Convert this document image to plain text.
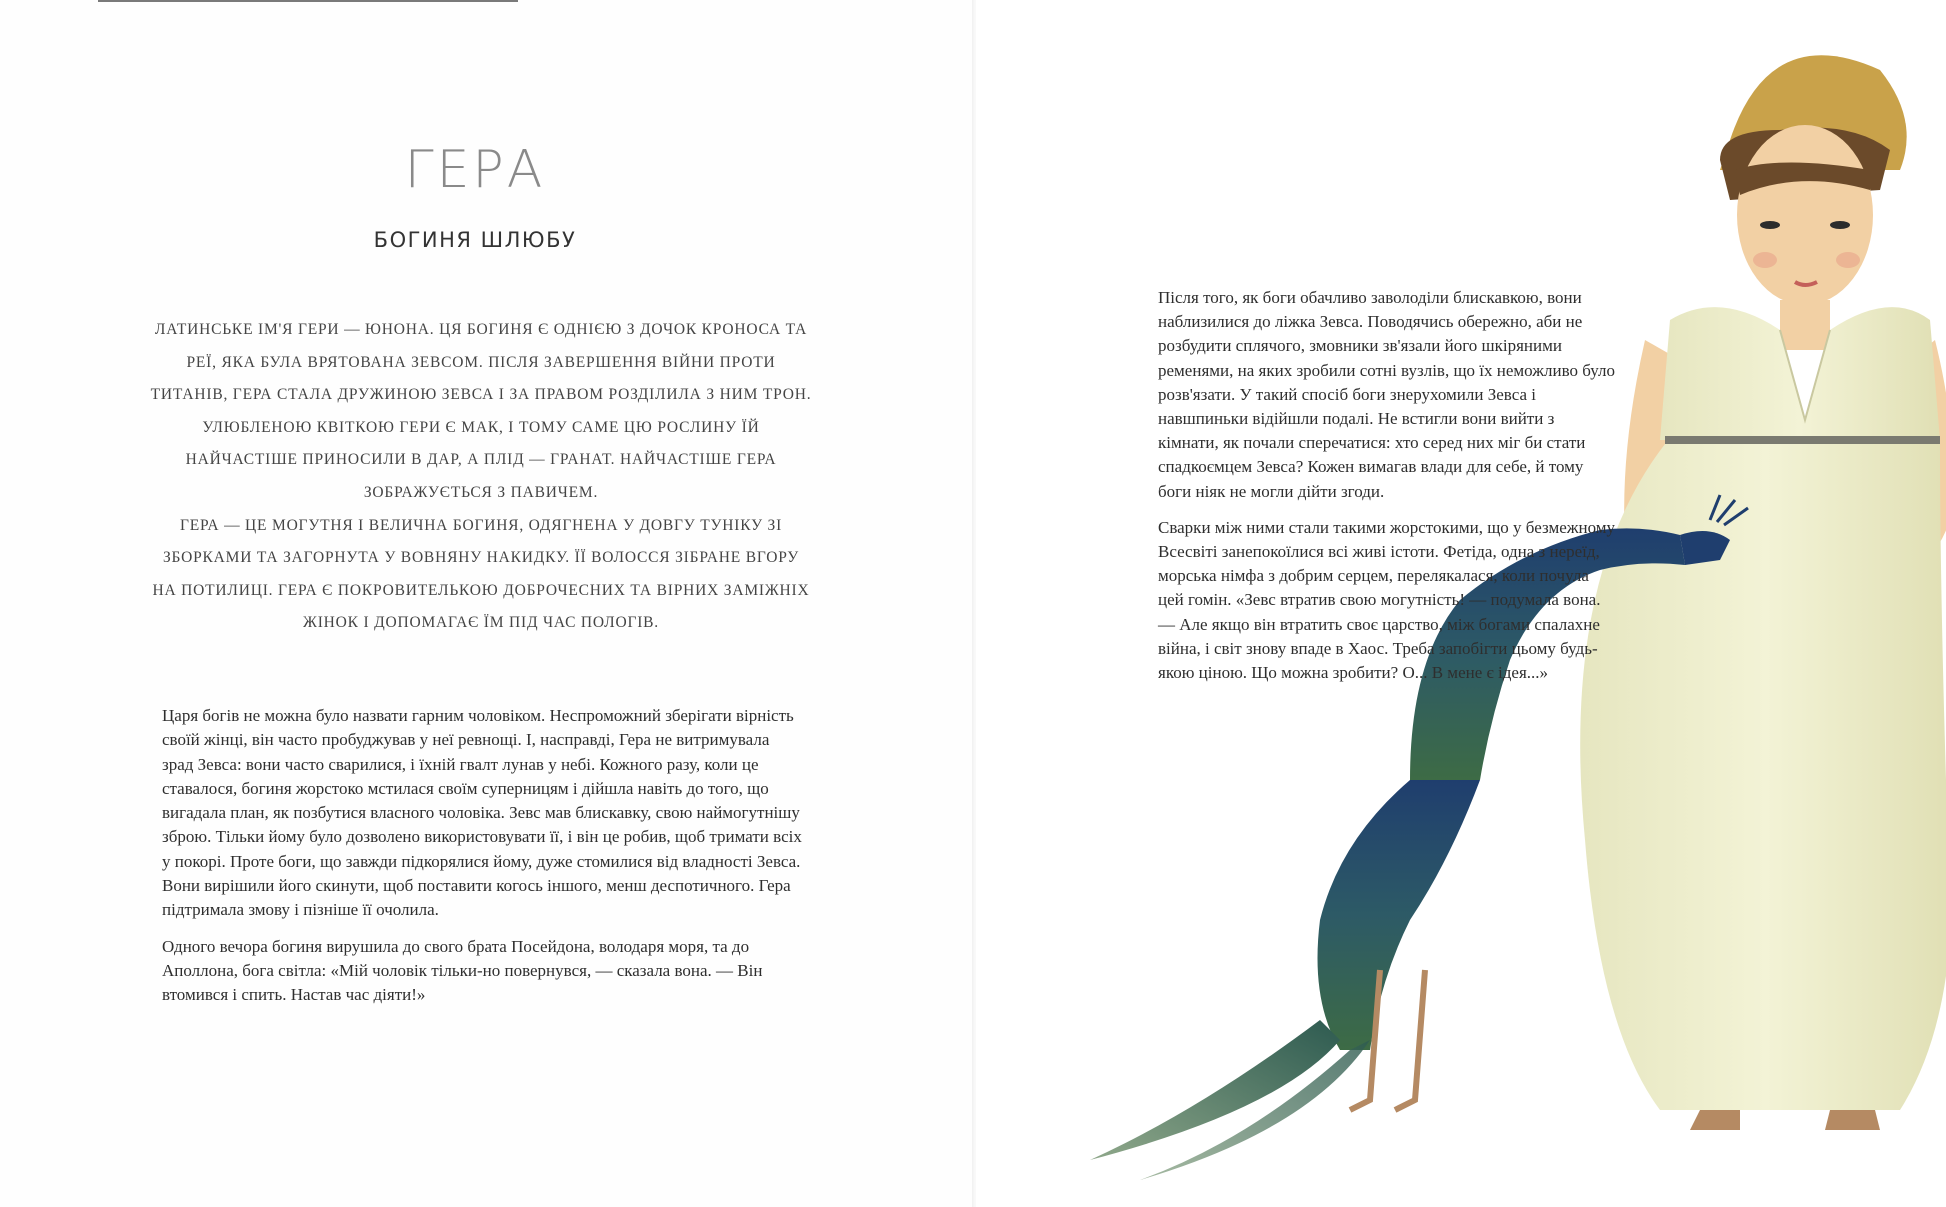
ГЕРА
БОГИНЯ ШЛЮБУ

ЛАТИНСЬКЕ ІМ'Я ГЕРИ — ЮНОНА. ЦЯ БОГИНЯ Є ОДНІЄЮ З ДОЧОК КРОНОСА ТА РЕЇ, ЯКА БУЛА ВРЯТОВАНА ЗЕВСОМ. ПІСЛЯ ЗАВЕРШЕННЯ ВІЙНИ ПРОТИ ТИТАНІВ, ГЕРА СТАЛА ДРУЖИНОЮ ЗЕВСА І ЗА ПРАВОМ РОЗДІЛИЛА З НИМ ТРОН. УЛЮБЛЕНОЮ КВІТКОЮ ГЕРИ Є МАК, І ТОМУ САМЕ ЦЮ РОСЛИНУ ЇЙ НАЙЧАСТІШЕ ПРИНОСИЛИ В ДАР, А ПЛІД — ГРАНАТ. НАЙЧАСТІШЕ ГЕРА ЗОБРАЖУЄТЬСЯ З ПАВИЧЕМ.

ГЕРА — ЦЕ МОГУТНЯ І ВЕЛИЧНА БОГИНЯ, ОДЯГНЕНА У ДОВГУ ТУНІКУ ЗІ ЗБОРКАМИ ТА ЗАГОРНУТА У ВОВНЯНУ НАКИДКУ. ЇЇ ВОЛОССЯ ЗІБРАНЕ ВГОРУ НА ПОТИЛИЦІ. ГЕРА Є ПОКРОВИТЕЛЬКОЮ ДОБРОЧЕСНИХ ТА ВІРНИХ ЗАМІЖНІХ ЖІНОК І ДОПОМАГАЄ ЇМ ПІД ЧАС ПОЛОГІВ.

Царя богів не можна було назвати гарним чоловіком. Неспроможний зберігати вірність своїй жінці, він часто пробуджував у неї ревнощі. І, насправді, Гера не витримувала зрад Зевса: вони часто сварилися, і їхній гвалт лунав у небі. Кожного разу, коли це ставалося, богиня жорстоко мстилася своїм суперницям і дійшла навіть до того, що вигадала план, як позбутися власного чоловіка. Зевс мав блискавку, свою наймогутнішу зброю. Тільки йому було дозволено використовувати її, і він це робив, щоб тримати всіх у покорі. Проте боги, що завжди підкорялися йому, дуже стомилися від владності Зевса. Вони вирішили його скинути, щоб поставити когось іншого, менш деспотичного. Гера підтримала змову і пізніше її очолила.

Одного вечора богиня вирушила до свого брата Посейдона, володаря моря, та до Аполлона, бога світла: «Мій чоловік тільки-но повернувся, — сказала вона. — Він втомився і спить. Настав час діяти!»

Після того, як боги обачливо заволоділи блискавкою, вони наблизилися до ліжка Зевса. Поводячись обережно, аби не розбудити сплячого, змовники зв'язали його шкіряними ременями, на яких зробили сотні вузлів, що їх неможливо було розв'язати. У такий спосіб боги знерухомили Зевса і навшпиньки відійшли подалі. Не встигли вони вийти з кімнати, як почали сперечатися: хто серед них міг би стати спадкоємцем Зевса? Кожен вимагав влади для себе, й тому боги ніяк не могли дійти згоди.

Сварки між ними стали такими жорстокими, що у безмежному Всесвіті занепокоїлися всі живі істоти. Фетіда, одна з нереїд, морська німфа з добрим серцем, перелякалася, коли почула цей гомін. «Зевс втратив свою могутність! — подумала вона. — Але якщо він втратить своє царство, між богами спалахне війна, і світ знову впаде в Хаос. Треба запобігти цьому будь-якою ціною. Що можна зробити? О... В мене є ідея...»
